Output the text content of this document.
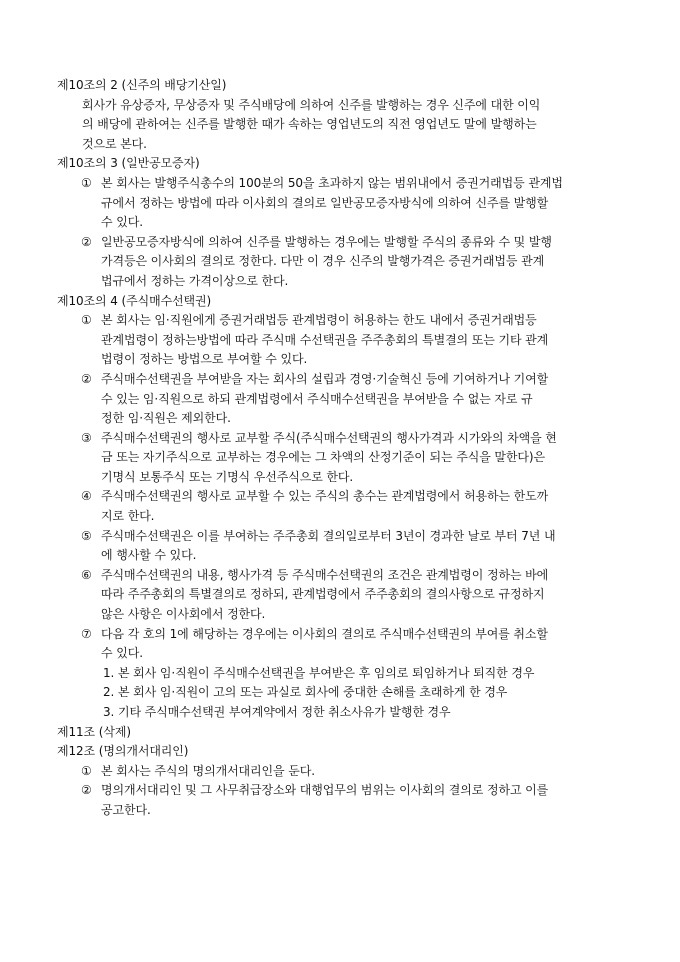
제10조의 2 (신주의 배당기산일)
회사가 유상증자, 무상증자 및 주식배당에 의하여 신주를 발행하는 경우 신주에 대한 이익
의 배당에 관하여는 신주를 발행한 때가 속하는 영업년도의 직전 영업년도 말에 발행하는
것으로 본다.
제10조의 3 (일반공모증자)
① 본 회사는 발행주식총수의 100분의 50을 초과하지 않는 범위내에서 증권거래법등 관계법
규에서 정하는 방법에 따라 이사회의 결의로 일반공모증자방식에 의하여 신주를 발행할
수 있다.
② 일반공모증자방식에 의하여 신주를 발행하는 경우에는 발행할 주식의 종류와 수 및 발행
가격등은 이사회의 결의로 정한다. 다만 이 경우 신주의 발행가격은 증권거래법등 관계
법규에서 정하는 가격이상으로 한다.
제10조의 4 (주식매수선택권)
① 본 회사는 임·직원에게 증권거래법등 관계법령이 허용하는 한도 내에서 증권거래법등
관계법령이 정하는방법에 따라 주식매 수선택권을 주주총회의 특별결의 또는 기타 관계
법령이 정하는 방법으로 부여할 수 있다.
② 주식매수선택권을 부여받을 자는 회사의 설립과 경영·기술혁신 등에 기여하거나 기여할
수 있는 임·직원으로 하되 관계법령에서 주식매수선택권을 부여받을 수 없는 자로 규
정한 임·직원은 제외한다.
③ 주식매수선택권의 행사로 교부할 주식(주식매수선택권의 행사가격과 시가와의 차액을 현
금 또는 자기주식으로 교부하는 경우에는 그 차액의 산정기준이 되는 주식을 말한다)은
기명식 보통주식 또는 기명식 우선주식으로 한다.
④ 주식매수선택권의 행사로 교부할 수 있는 주식의 총수는 관계법령에서 허용하는 한도까
지로 한다.
⑤ 주식매수선택권은 이를 부여하는 주주총회 결의일로부터 3년이 경과한 날로 부터 7년 내
에 행사할 수 있다.
⑥ 주식매수선택권의 내용, 행사가격 등 주식매수선택권의 조건은 관계법령이 정하는 바에
따라 주주총회의 특별결의로 정하되, 관계법령에서 주주총회의 결의사항으로 규정하지
않은 사항은 이사회에서 정한다.
⑦ 다음 각 호의 1에 해당하는 경우에는 이사회의 결의로 주식매수선택권의 부여를 취소할
수 있다.
1. 본 회사 임·직원이 주식매수선택권을 부여받은 후 임의로 퇴임하거나 퇴직한 경우
2. 본 회사 임·직원이 고의 또는 과실로 회사에 중대한 손해를 초래하게 한 경우
3. 기타 주식매수선택권 부여계약에서 정한 취소사유가 발행한 경우
제11조 (삭제)
제12조 (명의개서대리인)
① 본 회사는 주식의 명의개서대리인을 둔다.
② 명의개서대리인 및 그 사무취급장소와 대행업무의 범위는 이사회의 결의로 정하고 이를
공고한다.
